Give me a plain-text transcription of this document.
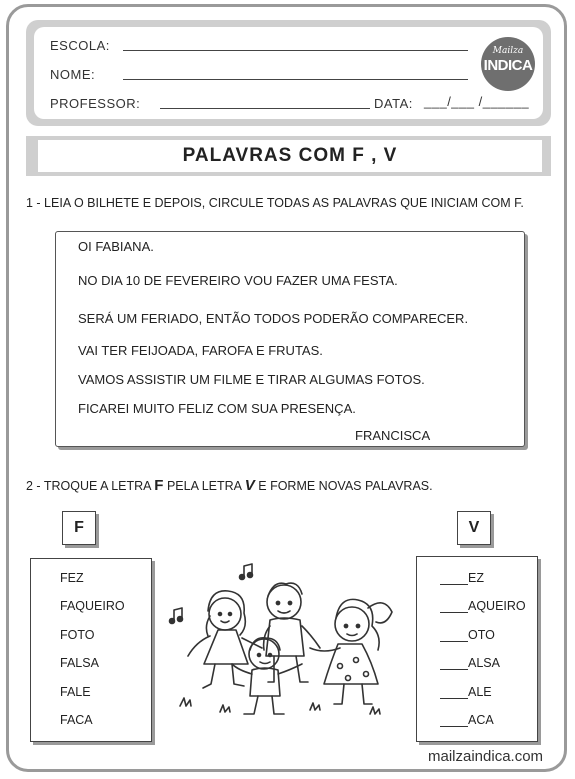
ESCOLA:
NOME:
PROFESSOR:	DATA: ___/___ /______
Mailza
INDICA
PALAVRAS COM F , V
1 - LEIA O BILHETE E DEPOIS, CIRCULE TODAS AS PALAVRAS QUE INICIAM COM F.
OI FABIANA.
NO DIA 10 DE FEVEREIRO VOU FAZER UMA FESTA.
SERÁ UM FERIADO, ENTÃO TODOS PODERÃO COMPARECER.
VAI TER FEIJOADA, FAROFA E FRUTAS.
VAMOS ASSISTIR UM FILME E TIRAR ALGUMAS FOTOS.
FICAREI MUITO FELIZ COM SUA PRESENÇA.
FRANCISCA
2 - TROQUE A LETRA F PELA LETRA V E FORME NOVAS PALAVRAS.
F	V
FEZ
FAQUEIRO
FOTO
FALSA
FALE
FACA
EZ
AQUEIRO
OTO
ALSA
ALE
ACA
mailzaindica.com
